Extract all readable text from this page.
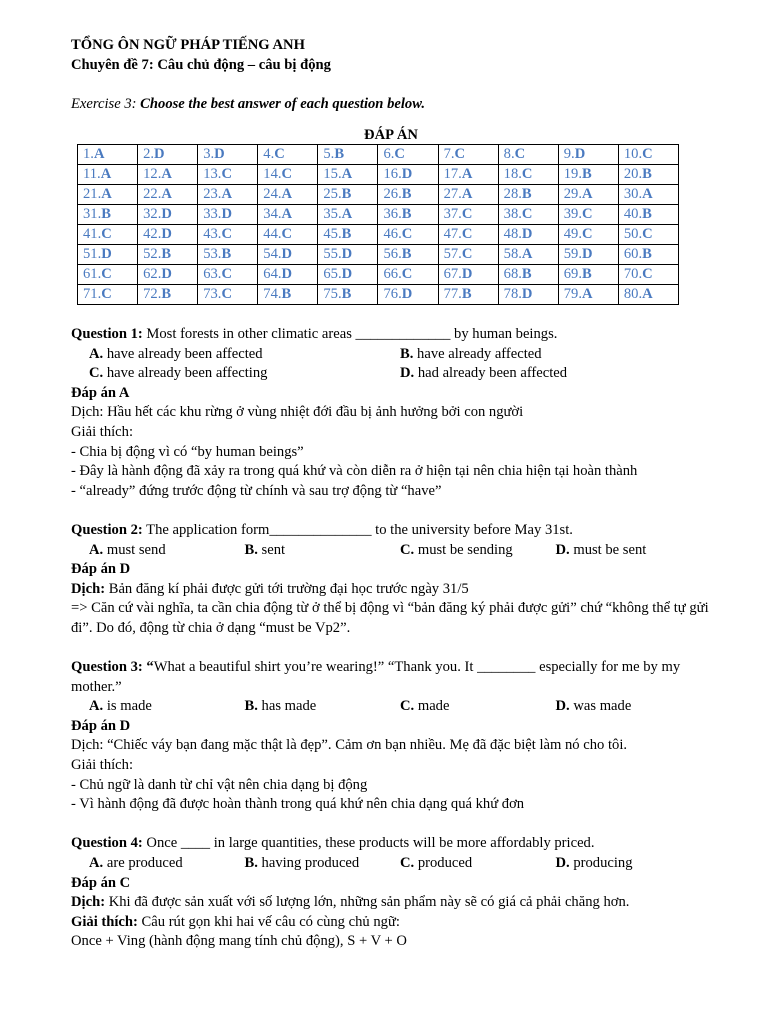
TỔNG ÔN NGỮ PHÁP TIẾNG ANH
Chuyên đề 7: Câu chủ động – câu bị động
Exercise 3: Choose the best answer of each question below.
ĐÁP ÁN
1.A	2.D	3.D	4.C	5.B	6.C	7.C	8.C	9.D	10.C
11.A	12.A	13.C	14.C	15.A	16.D	17.A	18.C	19.B	20.B
21.A	22.A	23.A	24.A	25.B	26.B	27.A	28.B	29.A	30.A
31.B	32.D	33.D	34.A	35.A	36.B	37.C	38.C	39.C	40.B
41.C	42.D	43.C	44.C	45.B	46.C	47.C	48.D	49.C	50.C
51.D	52.B	53.B	54.D	55.D	56.B	57.C	58.A	59.D	60.B
61.C	62.D	63.C	64.D	65.D	66.C	67.D	68.B	69.B	70.C
71.C	72.B	73.C	74.B	75.B	76.D	77.B	78.D	79.A	80.A
Question 1: Most forests in other climatic areas _____________ by human beings.
A. have already been affected	B. have already affected
C. have already been affecting	D. had already been affected
Đáp án A
Dịch: Hầu hết các khu rừng ở vùng nhiệt đới đầu bị ảnh hưởng bởi con người
Giải thích:
- Chia bị động vì có “by human beings”
- Đây là hành động đã xảy ra trong quá khứ và còn diễn ra ở hiện tại nên chia hiện tại hoàn thành
- “already” đứng trước động từ chính và sau trợ động từ “have”
Question 2: The application form______________ to the university before May 31st.
A. must send	B. sent	C. must be sending	D. must be sent
Đáp án D
Dịch: Bản đăng kí phải được gửi tới trường đại học trước ngày 31/5
=> Căn cứ vài nghĩa, ta cần chia động từ ở thể bị động vì “bản đăng ký phải được gửi” chứ “không thể tự gửi đi”. Do đó, động từ chia ở dạng “must be Vp2”.
Question 3: “What a beautiful shirt you’re wearing!” “Thank you. It ________ especially for me by my mother.”
A. is made	B. has made	C. made	D. was made
Đáp án D
Dịch: “Chiếc váy bạn đang mặc thật là đẹp”. Cảm ơn bạn nhiều. Mẹ đã đặc biệt làm nó cho tôi.
Giải thích:
- Chủ ngữ là danh từ chỉ vật nên chia dạng bị động
- Vì hành động đã được hoàn thành trong quá khứ nên chia dạng quá khứ đơn
Question 4: Once ____ in large quantities, these products will be more affordably priced.
A. are produced	B. having produced	C. produced	D. producing
Đáp án C
Dịch: Khi đã được sản xuất với số lượng lớn, những sản phẩm này sẽ có giá cả phải chăng hơn.
Giải thích: Câu rút gọn khi hai vế câu có cùng chủ ngữ:
Once + Ving (hành động mang tính chủ động), S + V + O
